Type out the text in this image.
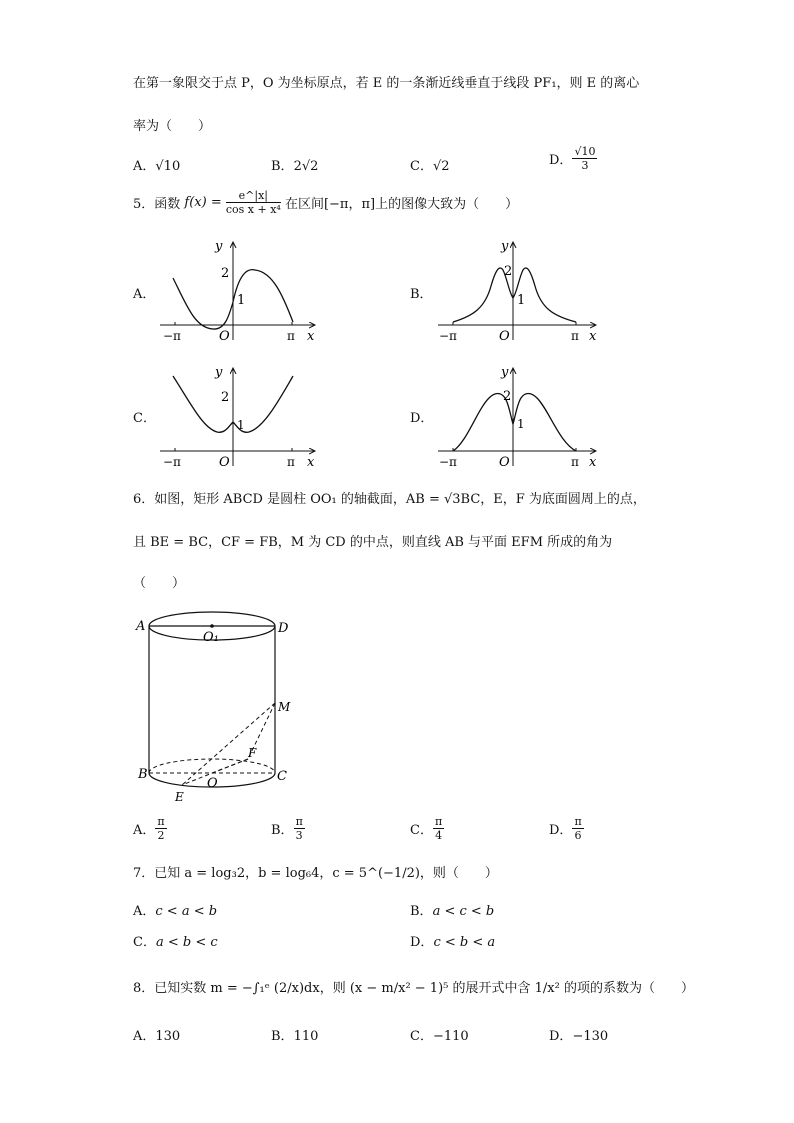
在第一象限交于点 P，O 为坐标原点，若 E 的一条渐近线垂直于线段 PF₁，则 E 的离心
率为（　　）
A．√10	B．2√2	C．√2	D． $\frac{√10}{3}$
5．函数 $f(x) = \frac{e\^{}|x|}{\text{cos x + x⁴}}$ 在区间[−π，π]上的图像大致为（　　）
A．	B．
C．	D．
y
2
1
−π	O	π x
y
2
1
−π	O	π x
y
2
1
−π	O	π x
y
2
1
−π	O	π x
6．如图，矩形 ABCD 是圆柱 OO₁ 的轴截面，AB = √3BC，E，F 为底面圆周上的点，
且 BE = BC，CF = FB，M 为 CD 的中点，则直线 AB 与平面 EFM 所成的角为
（　　）
A	D
O₁
M
F
B	C
O
E
A． $\frac{\pi}{2}$	B． $\frac{\pi}{3}$	C． $\frac{\pi}{4}$	D． $\frac{\pi}{6}$
7．已知 a = log₃2，b = log₆4，c = 5^(−1/2)，则（　　）
A．c < a < b	B．a < c < b
C．a < b < c	D．c < b < a
8．已知实数 m = −∫₁ᵉ (2/x)dx，则 (x − m/x² − 1)⁵ 的展开式中含 1/x² 的项的系数为（　　）
A．130	B．110	C．−110	D．−130
